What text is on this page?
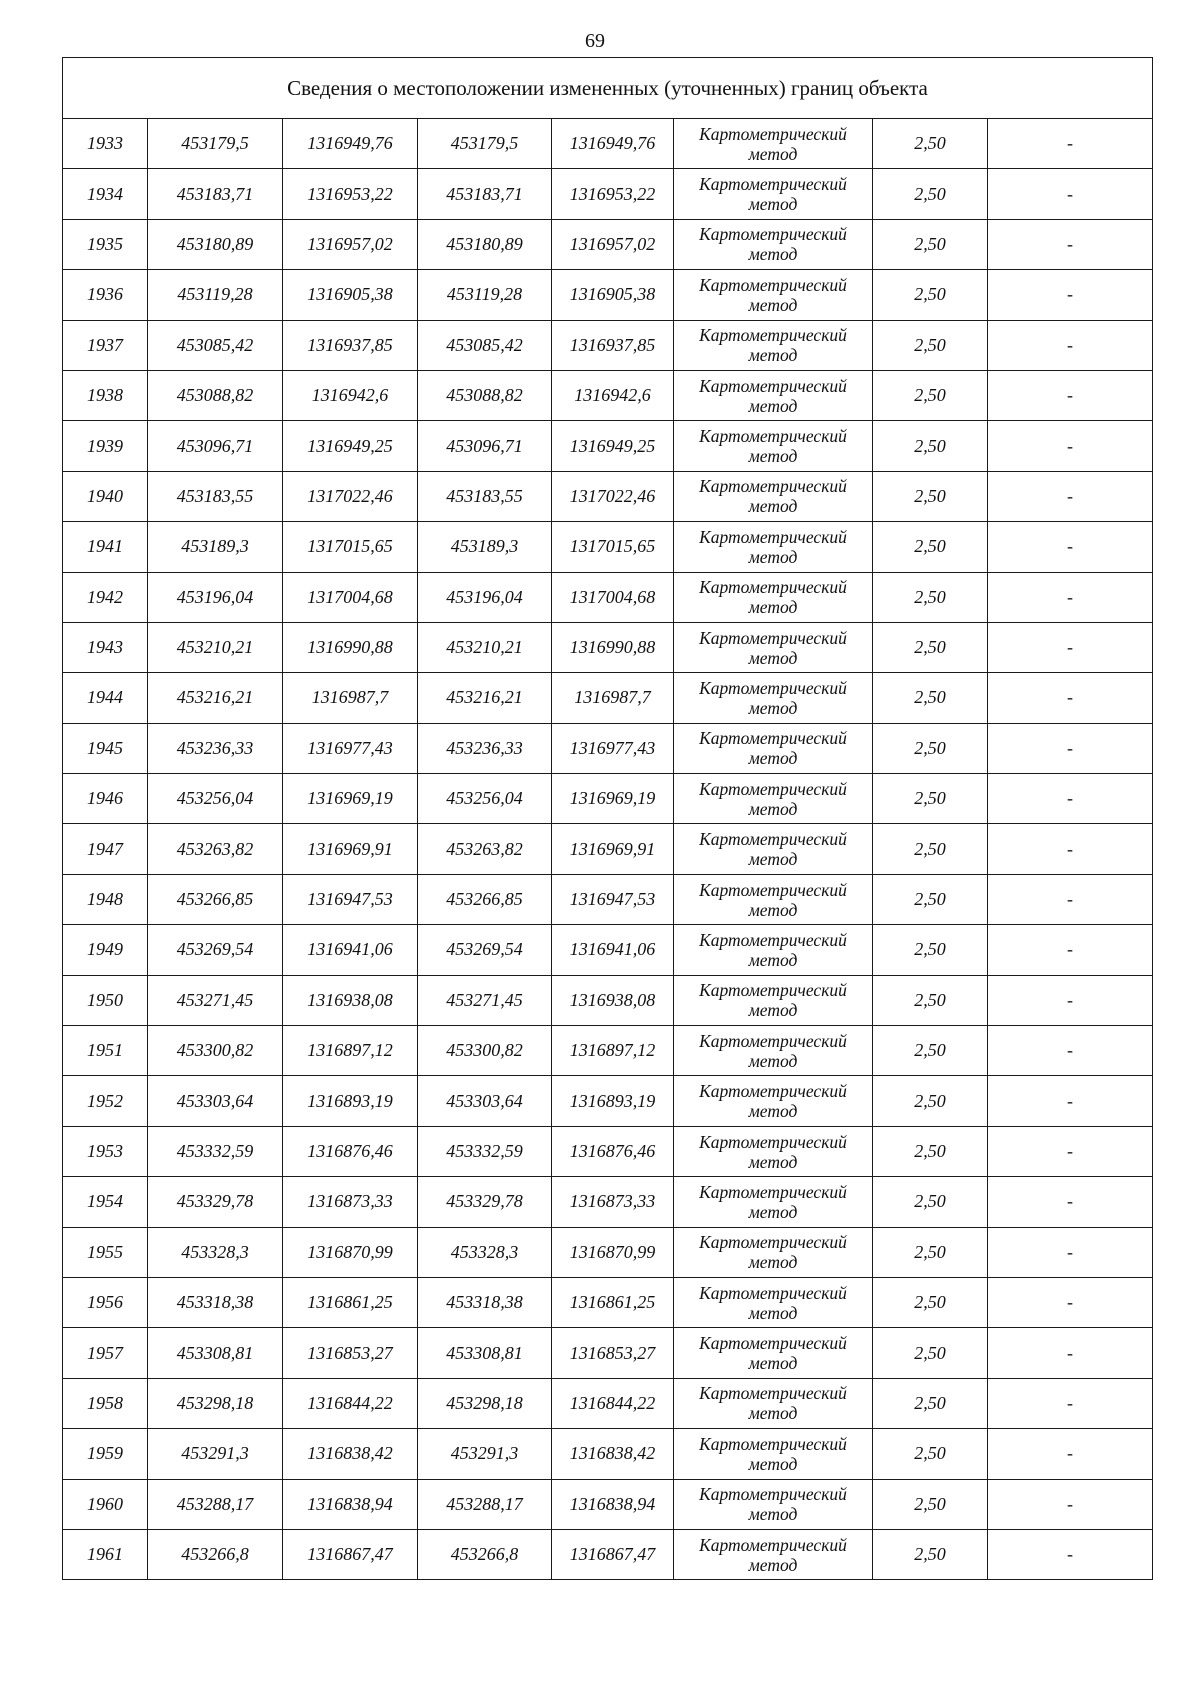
69
Сведения о местоположении измененных (уточненных) границ объекта							
1933	453179,5	1316949,76	453179,5	1316949,76	Картометрический метод	2,50	-
1934	453183,71	1316953,22	453183,71	1316953,22	Картометрический метод	2,50	-
1935	453180,89	1316957,02	453180,89	1316957,02	Картометрический метод	2,50	-
1936	453119,28	1316905,38	453119,28	1316905,38	Картометрический метод	2,50	-
1937	453085,42	1316937,85	453085,42	1316937,85	Картометрический метод	2,50	-
1938	453088,82	1316942,6	453088,82	1316942,6	Картометрический метод	2,50	-
1939	453096,71	1316949,25	453096,71	1316949,25	Картометрический метод	2,50	-
1940	453183,55	1317022,46	453183,55	1317022,46	Картометрический метод	2,50	-
1941	453189,3	1317015,65	453189,3	1317015,65	Картометрический метод	2,50	-
1942	453196,04	1317004,68	453196,04	1317004,68	Картометрический метод	2,50	-
1943	453210,21	1316990,88	453210,21	1316990,88	Картометрический метод	2,50	-
1944	453216,21	1316987,7	453216,21	1316987,7	Картометрический метод	2,50	-
1945	453236,33	1316977,43	453236,33	1316977,43	Картометрический метод	2,50	-
1946	453256,04	1316969,19	453256,04	1316969,19	Картометрический метод	2,50	-
1947	453263,82	1316969,91	453263,82	1316969,91	Картометрический метод	2,50	-
1948	453266,85	1316947,53	453266,85	1316947,53	Картометрический метод	2,50	-
1949	453269,54	1316941,06	453269,54	1316941,06	Картометрический метод	2,50	-
1950	453271,45	1316938,08	453271,45	1316938,08	Картометрический метод	2,50	-
1951	453300,82	1316897,12	453300,82	1316897,12	Картометрический метод	2,50	-
1952	453303,64	1316893,19	453303,64	1316893,19	Картометрический метод	2,50	-
1953	453332,59	1316876,46	453332,59	1316876,46	Картометрический метод	2,50	-
1954	453329,78	1316873,33	453329,78	1316873,33	Картометрический метод	2,50	-
1955	453328,3	1316870,99	453328,3	1316870,99	Картометрический метод	2,50	-
1956	453318,38	1316861,25	453318,38	1316861,25	Картометрический метод	2,50	-
1957	453308,81	1316853,27	453308,81	1316853,27	Картометрический метод	2,50	-
1958	453298,18	1316844,22	453298,18	1316844,22	Картометрический метод	2,50	-
1959	453291,3	1316838,42	453291,3	1316838,42	Картометрический метод	2,50	-
1960	453288,17	1316838,94	453288,17	1316838,94	Картометрический метод	2,50	-
1961	453266,8	1316867,47	453266,8	1316867,47	Картометрический метод	2,50	-
